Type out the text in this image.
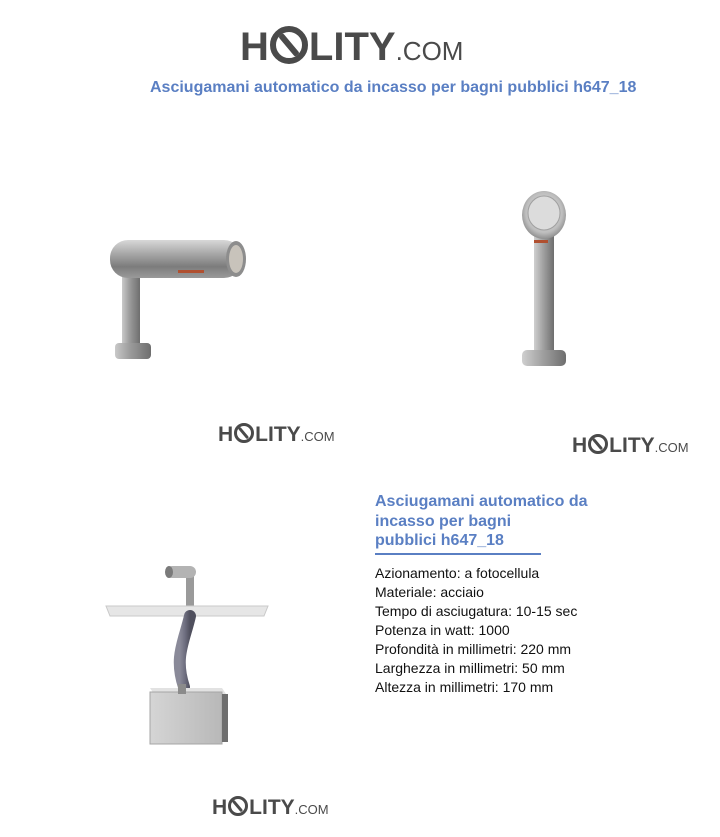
H LITY .COM
Asciugamani automatico da incasso per bagni pubblici h647_18
H LITY .COM	H LITY .COM
H LITY .COM
Asciugamani automatico da
incasso per bagni
pubblici h647_18
Azionamento: a fotocellula
Materiale: acciaio
Tempo di asciugatura: 10-15 sec
Potenza in watt: 1000
Profondità in millimetri: 220 mm
Larghezza in millimetri: 50 mm
Altezza in millimetri: 170 mm
